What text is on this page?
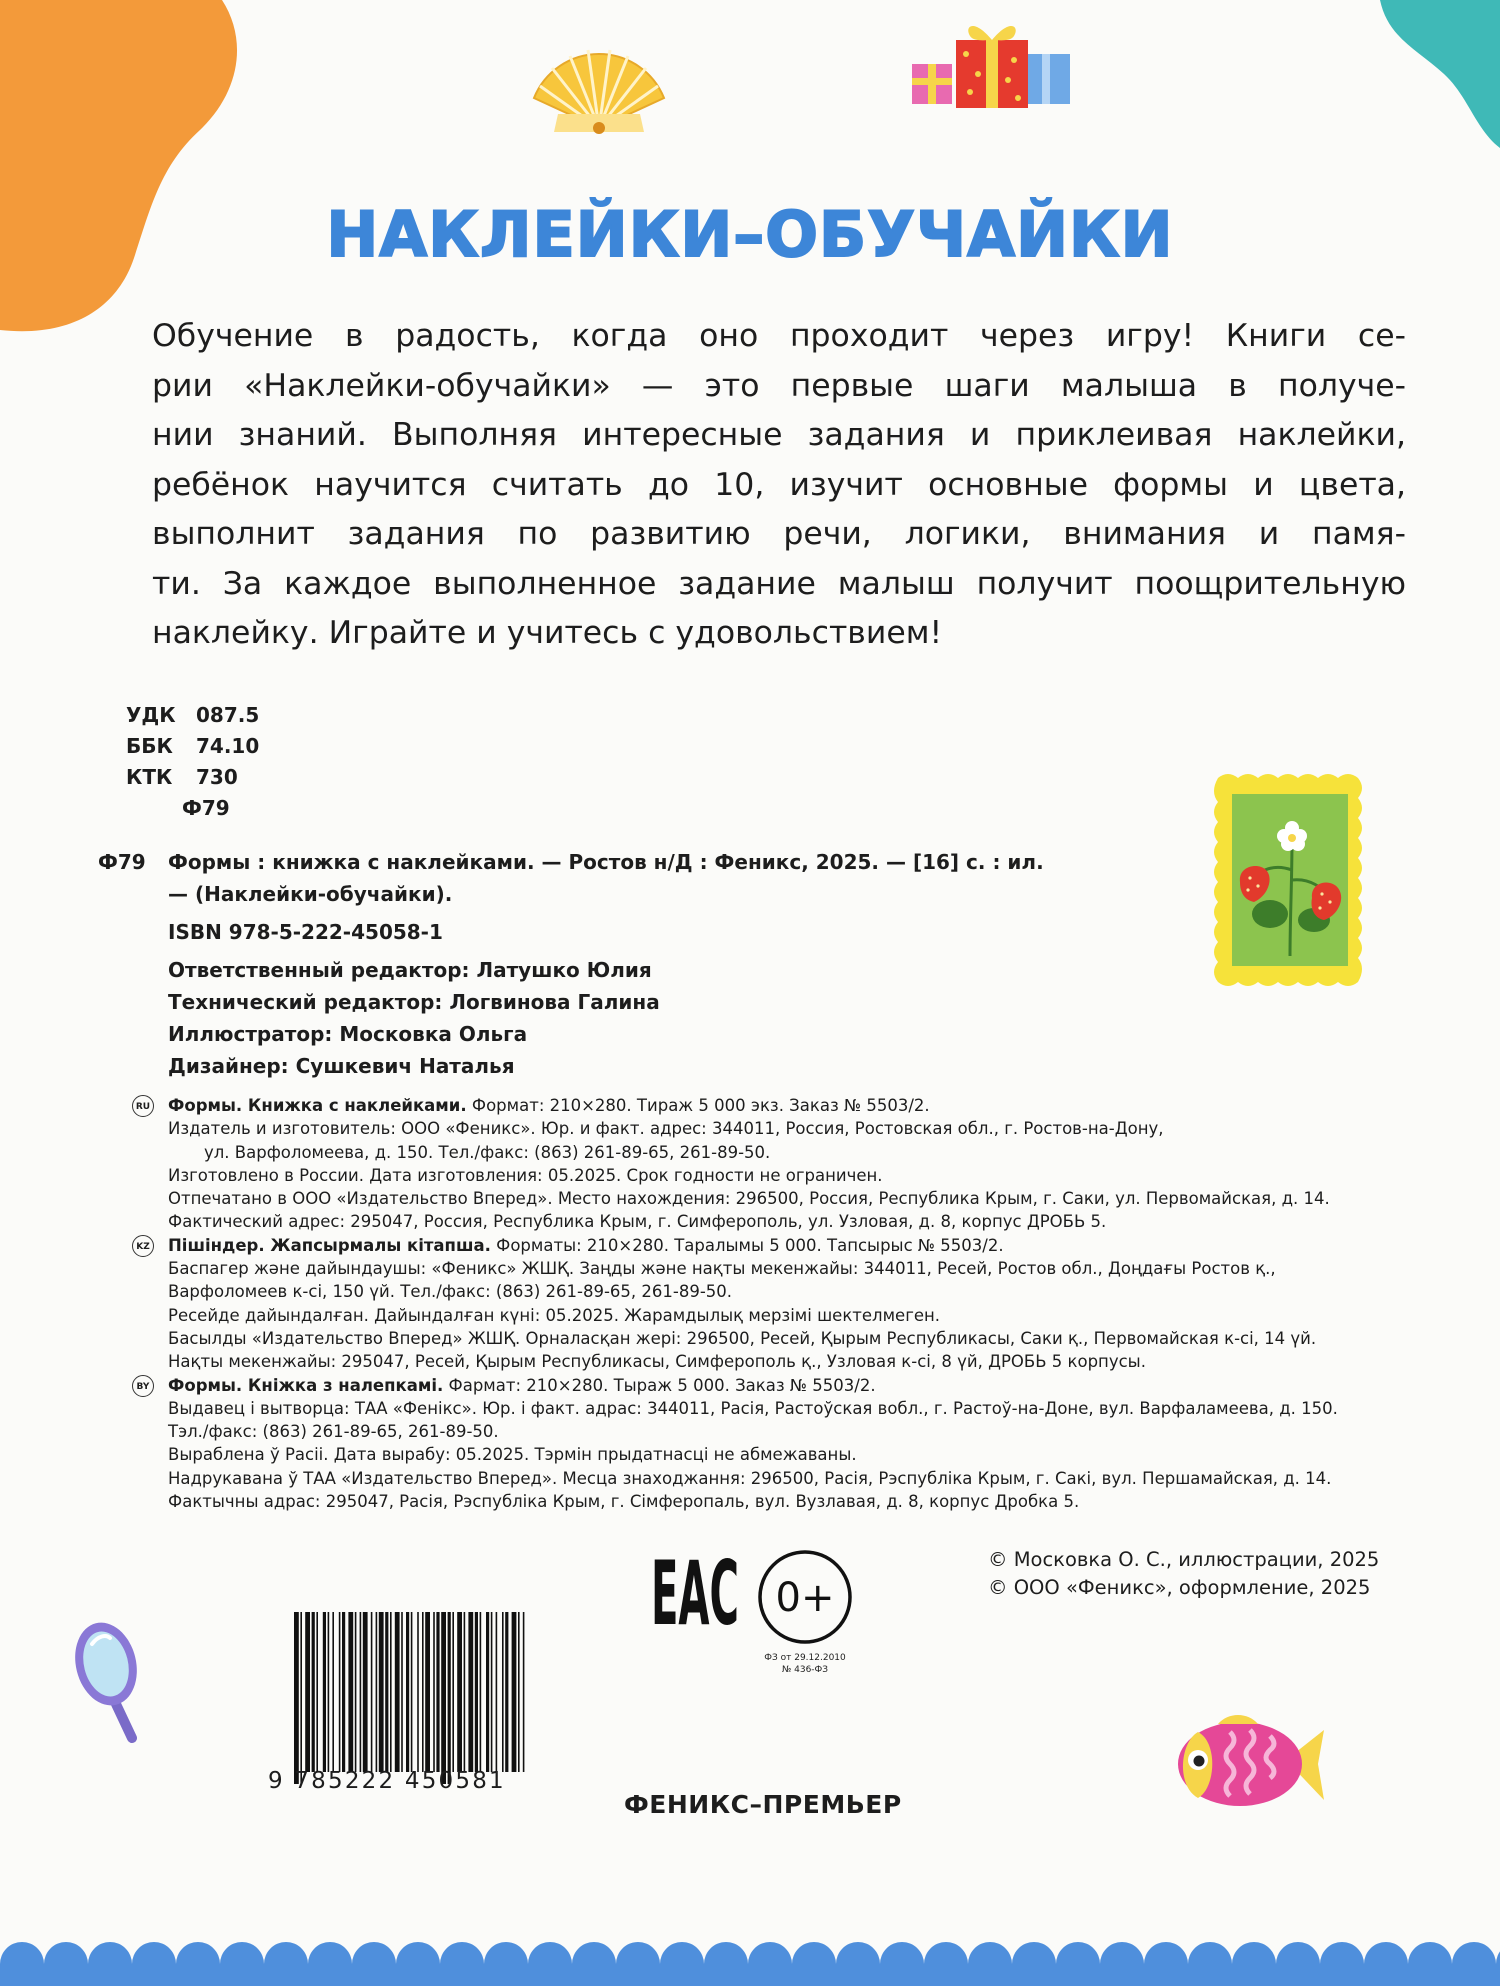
НАКЛЕЙКИ–ОБУЧАЙКИ

Обучение в радость, когда оно проходит через игру! Книги се-
рии «Наклейки-обучайки» — это первые шаги малыша в получе-
нии знаний. Выполняя интересные задания и приклеивая наклейки,
ребёнок научится считать до 10, изучит основные формы и цвета,
выполнит задания по развитию речи, логики, внимания и памя-
ти. За каждое выполненное задание малыш получит поощрительную
наклейку. Играйте и учитесь с удовольствием!

УДК	087.5
ББК	74.10
КТК	730
Ф79
Ф79 Формы : книжка с наклейками. — Ростов н/Д : Феникс, 2025. — [16] с. : ил.
— (Наклейки-обучайки).
ISBN 978-5-222-45058-1
Ответственный редактор: Латушко Юлия
Технический редактор: Логвинова Галина
Иллюстратор: Московка Ольга
Дизайнер: Сушкевич Наталья
RU Формы. Книжка с наклейками. Формат: 210×280. Тираж 5 000 экз. Заказ № 5503/2.
Издатель и изготовитель: ООО «Феникс». Юр. и факт. адрес: 344011, Россия, Ростовская обл., г. Ростов-на-Дону,
ул. Варфоломеева, д. 150. Тел./факс: (863) 261-89-65, 261-89-50.
Изготовлено в России. Дата изготовления: 05.2025. Срок годности не ограничен.
Отпечатано в ООО «Издательство Вперед». Место нахождения: 296500, Россия, Республика Крым, г. Саки, ул. Первомайская, д. 14.
Фактический адрес: 295047, Россия, Республика Крым, г. Симферополь, ул. Узловая, д. 8, корпус ДРОБЬ 5.
KZ Пішіндер. Жапсырмалы кітапша. Форматы: 210×280. Таралымы 5 000. Тапсырыс № 5503/2.
Баспагер және дайындаушы: «Феникс» ЖШҚ. Заңды және нақты мекенжайы: 344011, Ресей, Ростов обл., Доңдағы Ростов қ.,
Варфоломеев к-сі, 150 үй. Тел./факс: (863) 261-89-65, 261-89-50.
Ресейде дайындалған. Дайындалған күні: 05.2025. Жарамдылық мерзімі шектелмеген.
Басылды «Издательство Вперед» ЖШҚ. Орналасқан жері: 296500, Ресей, Қырым Республикасы, Саки қ., Первомайская к-сі, 14 үй.
Нақты мекенжайы: 295047, Ресей, Қырым Республикасы, Симферополь қ., Узловая к-сі, 8 үй, ДРОБЬ 5 корпусы.
BY Формы. Кніжка з налепкамі. Фармат: 210×280. Тыраж 5 000. Заказ № 5503/2.
Выдавец і вытворца: ТАА «Фенікс». Юр. і факт. адрас: 344011, Расія, Растоўская вобл., г. Растоў-на-Доне, вул. Варфаламеева, д. 150.
Тэл./факс: (863) 261-89-65, 261-89-50.
Выраблена ў Расіі. Дата вырабу: 05.2025. Тэрмін прыдатнасці не абмежаваны.
Надрукавана ў ТАА «Издательство Вперед». Месца знаходжання: 296500, Расія, Рэспубліка Крым, г. Сакі, вул. Першамайская, д. 14.
Фактычны адрас: 295047, Расія, Рэспубліка Крым, г. Сімферопаль, вул. Вузлавая, д. 8, корпус Дробка 5.
ЕАС 0+
ФЗ от 29.12.2010
№ 436-ФЗ
© Московка О. С., иллюстрации, 2025
© ООО «Феникс», оформление, 2025
9 785222 450581
ФЕНИКС–ПРЕМЬЕР
